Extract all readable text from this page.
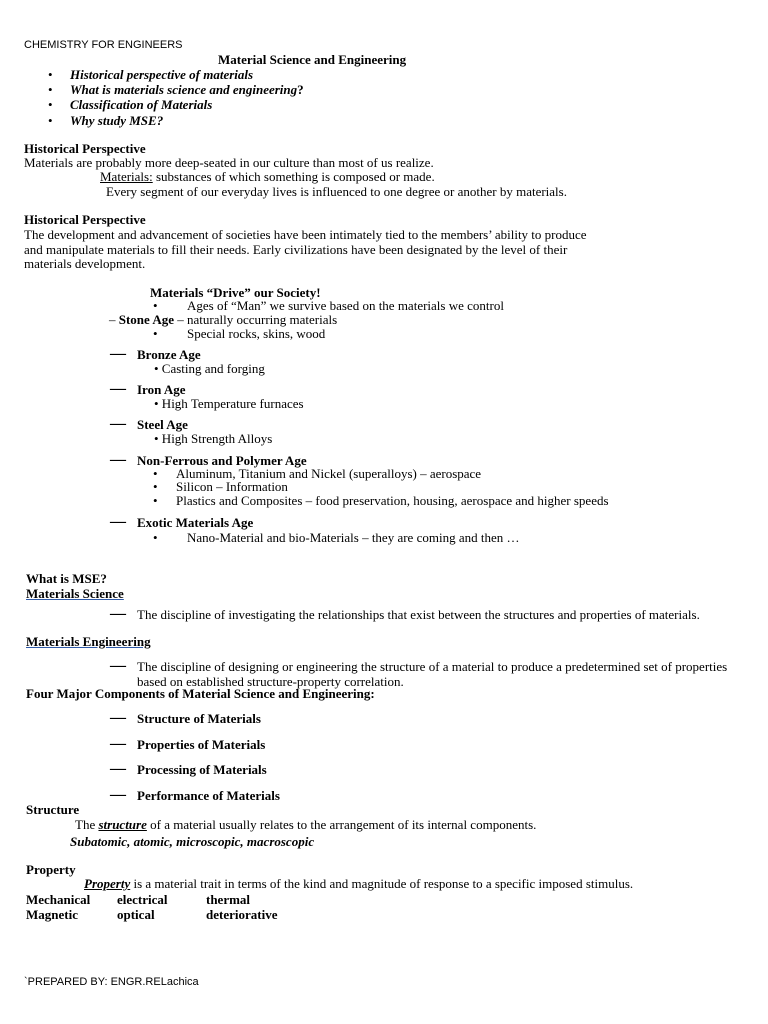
CHEMISTRY FOR ENGINEERS
Material Science and Engineering
• Historical perspective of materials
• What is materials science and engineering?
• Classification of Materials
• Why study MSE?
Historical Perspective
Materials are probably more deep-seated in our culture than most of us realize.
Materials: substances of which something is composed or made.
Every segment of our everyday lives is influenced to one degree or another by materials.
Historical Perspective
The development and advancement of societies have been intimately tied to the members’ ability to produce
and manipulate materials to fill their needs. Early civilizations have been designated by the level of their
materials development.
Materials “Drive” our Society!
• Ages of “Man” we survive based on the materials we control
– Stone Age – naturally occurring materials
• Special rocks, skins, wood
— Bronze Age
• Casting and forging
— Iron Age
• High Temperature furnaces
— Steel Age
• High Strength Alloys
— Non-Ferrous and Polymer Age
• Aluminum, Titanium and Nickel (superalloys) – aerospace
• Silicon – Information
• Plastics and Composites – food preservation, housing, aerospace and higher speeds
— Exotic Materials Age
• Nano-Material and bio-Materials – they are coming and then …
What is MSE?
Materials Science
— The discipline of investigating the relationships that exist between the structures and properties of materials.
Materials Engineering
— The discipline of designing or engineering the structure of a material to produce a predetermined set of properties based on established structure-property correlation.
Four Major Components of Material Science and Engineering:
— Structure of Materials
— Properties of Materials
— Processing of Materials
— Performance of Materials
Structure
The structure of a material usually relates to the arrangement of its internal components.
Subatomic, atomic, microscopic, macroscopic
Property
Property is a material trait in terms of the kind and magnitude of response to a specific imposed stimulus.
Mechanical electrical	thermal
Magnetic	optical	deteriorative
`PREPARED BY: ENGR.RELachica
